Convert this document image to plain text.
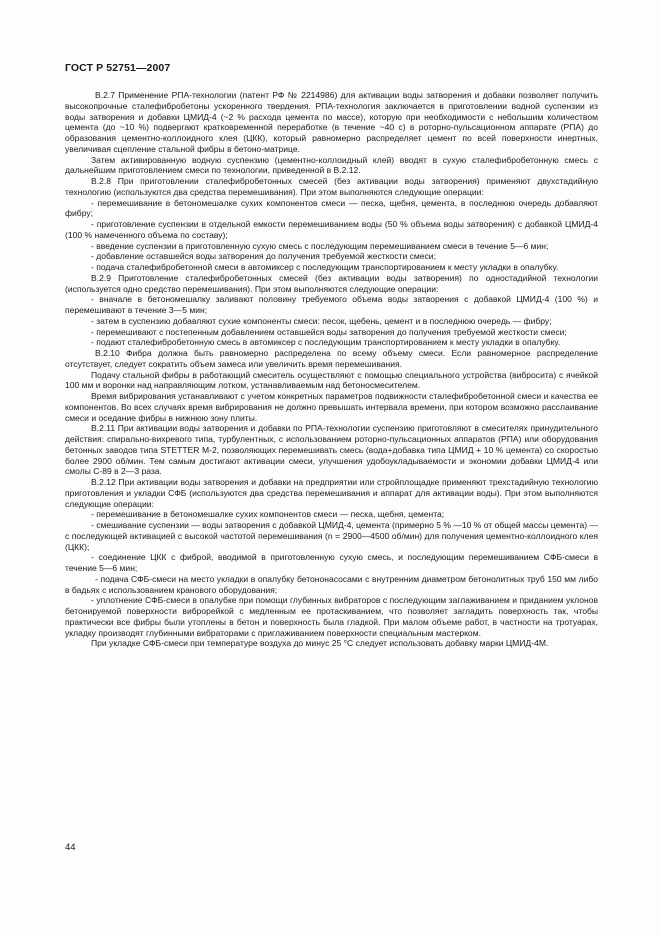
ГОСТ Р 52751—2007

В.2.7 Применение РПА-технологии (патент РФ № 2214986) для активации воды затворения и добавки позволяет получить высокопрочные сталефибробетоны ускоренного твердения. РПА-технология заключается в приготовлении водной суспензии из воды затворения и добавки ЦМИД-4 (~2 % расхода цемента по массе), которую при необходимости с небольшим количеством цемента (до ~10 %) подвергают кратковременной переработке (в течение ~40 с) в роторно-пульсационном аппарате (РПА) до образования цементно-коллоидного клея (ЦКК), который равномерно распределяет цемент по всей поверхности инертных, увеличивая сцепление стальной фибры в бетоно-матрице.

Затем активированную водную суспензию (цементно-коллоидный клей) вводят в сухую сталефибробетонную смесь с дальнейшим приготовлением смеси по технологии, приведенной в В.2.12.

В.2.8 При приготовлении сталефибробетонных смесей (без активации воды затворения) применяют двухстадийную технологию (используются два средства перемешивания). При этом выполняются следующие операции:

- перемешивание в бетономешалке сухих компонентов смеси — песка, щебня, цемента, в последнюю очередь добавляют фибру;

- приготовление суспензии в отдельной емкости перемешиванием воды (50 % объема воды затворения) с добавкой ЦМИД-4 (100 % намеченного объема по составу);

- введение суспензии в приготовленную сухую смесь с последующим перемешиванием смеси в течение 5—6 мин;

- добавление оставшейся воды затворения до получения требуемой жесткости смеси;

- подача сталефибробетонной смеси в автомиксер с последующим транспортированием к месту укладки в опалубку.

В.2.9 Приготовление сталефибробетонных смесей (без активации воды затворения) по одностадийной технологии (используется одно средство перемешивания). При этом выполняются следующие операции:

- вначале в бетономешалку заливают половину требуемого объема воды затворения с добавкой ЦМИД-4 (100 %) и перемешивают в течение 3—5 мин;

- затем в суспензию добавляют сухие компоненты смеси: песок, щебень, цемент и в последнюю очередь — фибру;

- перемешивают с постепенным добавлением оставшейся воды затворения до получения требуемой жесткости смеси;

- подают сталефибробетонную смесь в автомиксер с последующим транспортированием к месту укладки в опалубку.

В.2.10 Фибра должна быть равномерно распределена по всему объему смеси. Если равномерное распределение отсутствует, следует сократить объем замеса или увеличить время перемешивания.

Подачу стальной фибры в работающий смеситель осуществляют с помощью специального устройства (вибросита) с ячейкой 100 мм и воронки над направляющим лотком, устанавливаемым над бетоносмесителем.

Время вибрирования устанавливают с учетом конкретных параметров подвижности сталефибробетонной смеси и качества ее компонентов. Во всех случаях время вибрирования не должно превышать интервала времени, при котором возможно расслаивание смеси и оседание фибры в нижнюю зону плиты.

В.2.11 При активации воды затворения и добавки по РПА-технологии суспензию приготовляют в смесителях принудительного действия: спирально-вихревого типа, турбулентных, с использованием роторно-пульсационных аппаратов (РПА) или оборудования бетонных заводов типа STETTER М-2, позволяющих перемешивать смесь (вода+добавка типа ЦМИД + 10 % цемента) со скоростью более 2900 об/мин. Тем самым достигают активации смеси, улучшения удобоукладываемости и экономии добавки ЦМИД-4 или смолы С-89 в 2—3 раза.

В.2.12 При активации воды затворения и добавки на предприятии или стройплощадке применяют трехстадийную технологию приготовления и укладки СФБ (используются два средства перемешивания и аппарат для активации воды). При этом выполняются следующие операции:

- перемешивание в бетономешалке сухих компонентов смеси — песка, щебня, цемента;

- смешивание суспензии — воды затворения с добавкой ЦМИД-4, цемента (примерно 5 % —10 % от общей массы цемента) — с последующей активацией с высокой частотой перемешивания (n = 2900—4500 об/мин) для получения цементно-коллоидного клея (ЦКК);

- соединение ЦКК с фиброй, вводимой в приготовленную сухую смесь, и последующим перемешиванием СФБ-смеси в течение 5—6 мин;

- подача СФБ-смеси на место укладки в опалубку бетононасосами с внутренним диаметром бетонолитных труб 150 мм либо в бадьях с использованием кранового оборудования;

- уплотнение СФБ-смеси в опалубке при помощи глубинных вибраторов с последующим заглаживанием и приданием уклонов бетонируемой поверхности виброрейкой с медленным ее протаскиванием, что позволяет загладить поверхность так, чтобы практически все фибры были утоплены в бетон и поверхность была гладкой. При малом объеме работ, в частности на тротуарах, укладку производят глубинными вибраторами с приглаживанием поверхности специальным мастерком.

При укладке СФБ-смеси при температуре воздуха до минус 25 °С следует использовать добавку марки ЦМИД-4М.

44
